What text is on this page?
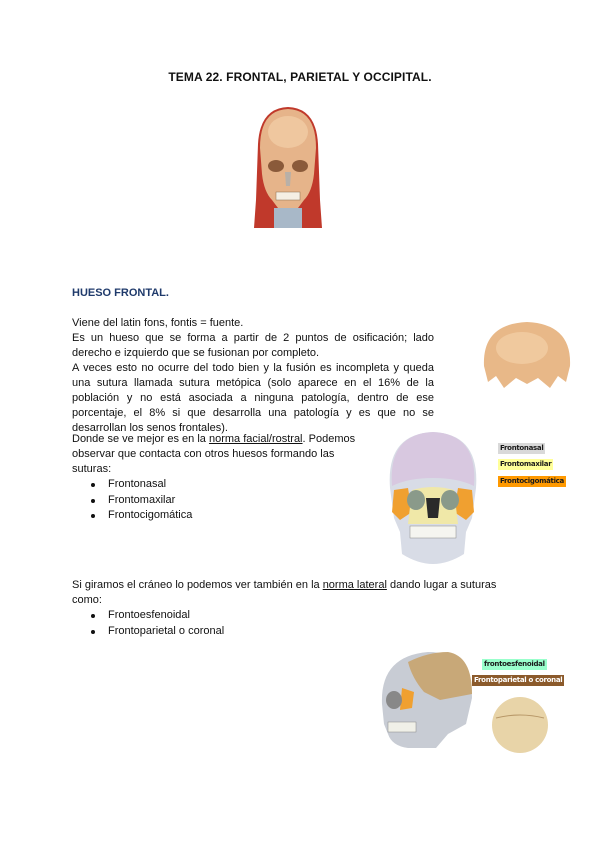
TEMA 22. FRONTAL, PARIETAL Y OCCIPITAL.
HUESO FRONTAL.

Viene del latin fons, fontis = fuente.

Es un hueso que se forma a partir de 2 puntos de osificación; lado derecho e izquierdo que se fusionan por completo.

A veces esto no ocurre del todo bien y la fusión es incompleta y queda una sutura llamada sutura metópica (solo aparece en el 16% de la población y no está asociada a ninguna patología, dentro de ese porcentaje, el 8% si que desarrolla una patología y es que no se desarrollan los senos frontales).

Donde se ve mejor es en la norma facial/rostral. Podemos observar que contacta con otros huesos formando las suturas:

Frontonasal
Frontomaxilar
Frontocigomática
Frontonasal
Frontomaxilar
Frontocigomática

Si giramos el cráneo lo podemos ver también en la norma lateral dando lugar a suturas como:

Frontoesfenoidal
Frontoparietal o coronal
frontoesfenoidal
Frontoparietal o coronal
